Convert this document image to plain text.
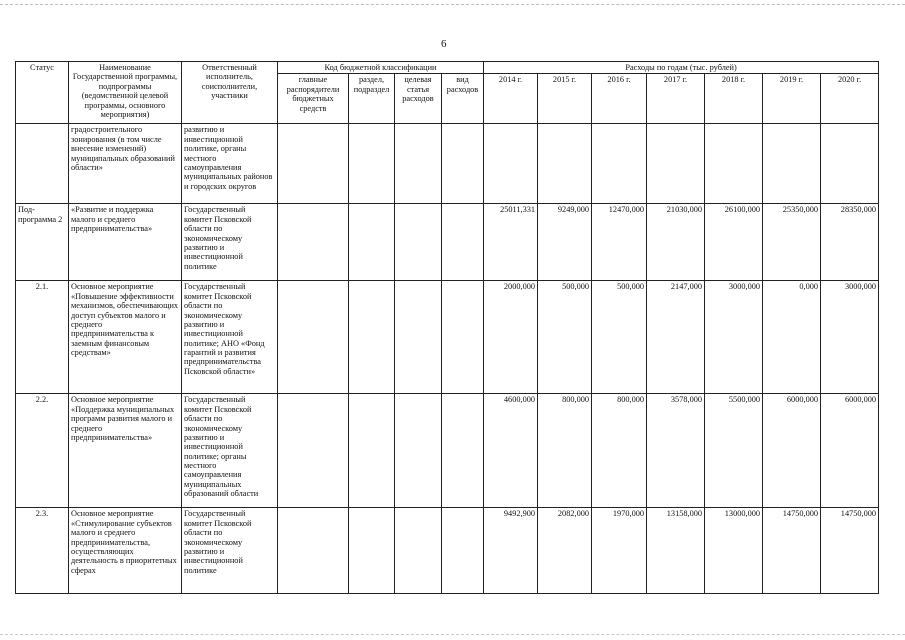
6
Статус	Наименование Государственной программы, подпрограммы (ведомственной целевой программы, основного мероприятия)	Ответственный исполнитель, соисполнители, участники	Код бюджетной классификации				Расходы по годам (тыс. рублей)						
			главные распорядители бюджетных средств	раздел, подраздел	целевая статья расходов	вид расходов	2014 г.	2015 г.	2016 г.	2017 г.	2018 г.	2019 г.	2020 г.
	градостроительного зонирования (в том числе внесение изменений) муниципальных образований области»	развитию и инвестиционной политике, органы местного самоуправления муниципальных районов и городских округов											
Под-программа 2	«Развитие и поддержка малого и среднего предпринимательства»	Государственный комитет Псковской области по экономическому развитию и инвестиционной политике					25011,331	9249,000	12470,000	21030,000	26100,000	25350,000	28350,000
2.1.	Основное мероприятие «Повышение эффективности механизмов, обеспечивающих доступ субъектов малого и среднего предпринимательства к заемным финансовым средствам»	Государственный комитет Псковской области по экономическому развитию и инвестиционной политике; АНО «Фонд гарантий и развития предпринимательства Псковской области»					2000,000	500,000	500,000	2147,000	3000,000	0,000	3000,000
2.2.	Основное мероприятие «Поддержка муниципальных программ развития малого и среднего предпринимательства»	Государственный комитет Псковской области по экономическому развитию и инвестиционной политике; органы местного самоуправления муниципальных образований области					4600,000	800,000	800,000	3578,000	5500,000	6000,000	6000,000
2.3.	Основное мероприятие «Стимулирование субъектов малого и среднего предпринимательства, осуществляющих деятельность в приоритетных сферах	Государственный комитет Псковской области по экономическому развитию и инвестиционной политике					9492,900	2082,000	1970,000	13158,000	13000,000	14750,000	14750,000
